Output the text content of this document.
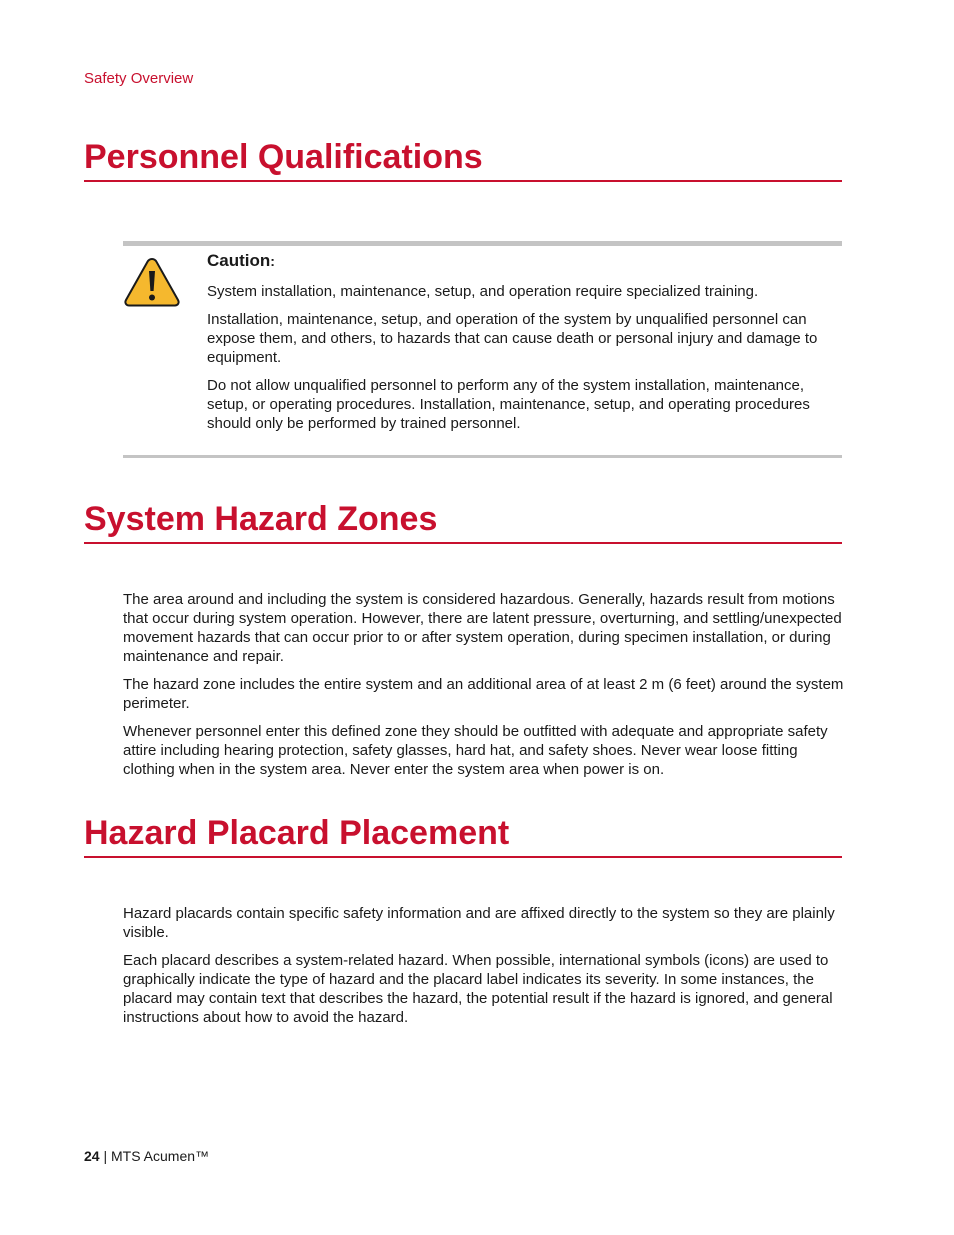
Safety Overview
Personnel Qualifications
Caution:

System installation, maintenance, setup, and operation require specialized training.

Installation, maintenance, setup, and operation of the system by unqualified personnel can expose them, and others, to hazards that can cause death or personal injury and damage to equipment.

Do not allow unqualified personnel to perform any of the system installation, maintenance, setup, or operating procedures. Installation, maintenance, setup, and operating procedures should only be performed by trained personnel.

System Hazard Zones

The area around and including the system is considered hazardous. Generally, hazards result from motions that occur during system operation. However, there are latent pressure, overturning, and settling/unexpected movement hazards that can occur prior to or after system operation, during specimen installation, or during maintenance and repair.

The hazard zone includes the entire system and an additional area of at least 2 m (6 feet) around the system perimeter.

Whenever personnel enter this defined zone they should be outfitted with adequate and appropriate safety attire including hearing protection, safety glasses, hard hat, and safety shoes. Never wear loose fitting clothing when in the system area. Never enter the system area when power is on.

Hazard Placard Placement

Hazard placards contain specific safety information and are affixed directly to the system so they are plainly visible.

Each placard describes a system-related hazard. When possible, international symbols (icons) are used to graphically indicate the type of hazard and the placard label indicates its severity. In some instances, the placard may contain text that describes the hazard, the potential result if the hazard is ignored, and general instructions about how to avoid the hazard.

24 | MTS Acumen™
